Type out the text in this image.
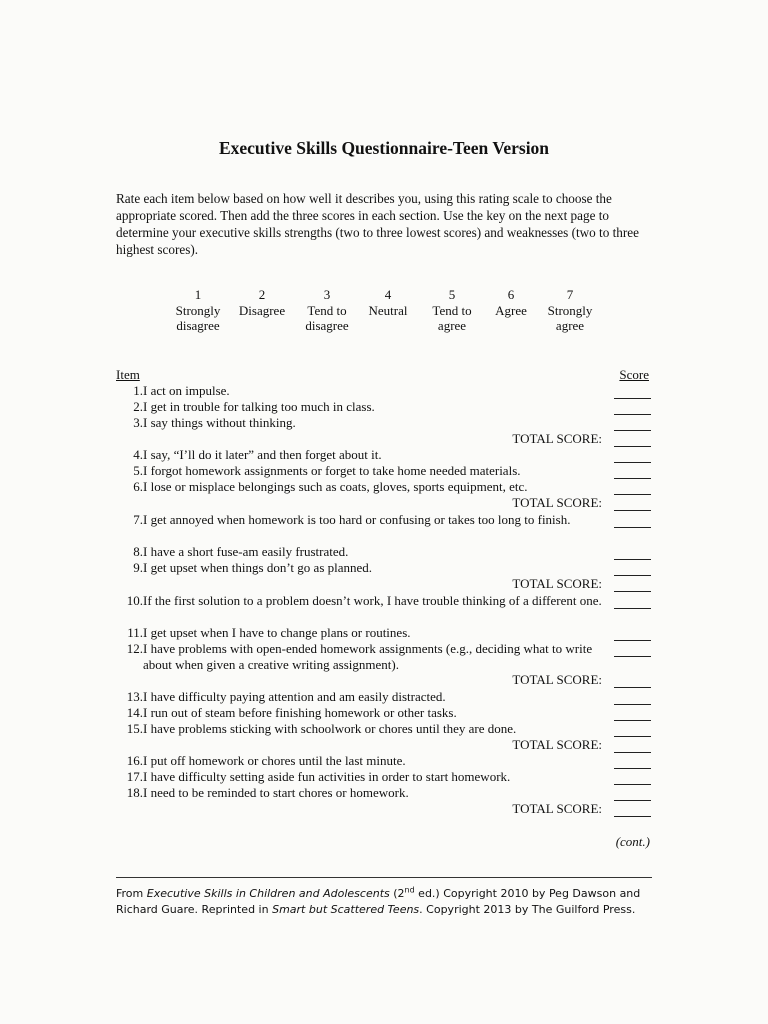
Executive Skills Questionnaire-Teen Version
Rate each item below based on how well it describes you, using this rating scale to choose the appropriate scored. Then add the three scores in each section. Use the key on the next page to determine your executive skills strengths (two to three lowest scores) and weaknesses (two to three highest scores).
1
Strongly
disagree
2
Disagree
3
Tend to
disagree
4
Neutral
5
Tend to
agree
6
Agree
7
Strongly
agree
Item	Score
1. I act on impulse.
2. I get in trouble for talking too much in class.
3. I say things without thinking.
TOTAL SCORE:
4. I say, “I’ll do it later” and then forget about it.
5. I forgot homework assignments or forget to take home needed materials.
6. I lose or misplace belongings such as coats, gloves, sports equipment, etc.
TOTAL SCORE:
7. I get annoyed when homework is too hard or confusing or takes too long to finish.
8. I have a short fuse-am easily frustrated.
9. I get upset when things don’t go as planned.
TOTAL SCORE:
10. If the first solution to a problem doesn’t work, I have trouble thinking of a different one.
11. I get upset when I have to change plans or routines.
12. I have problems with open-ended homework assignments (e.g., deciding what to write about when given a creative writing assignment).
TOTAL SCORE:
13. I have difficulty paying attention and am easily distracted.
14. I run out of steam before finishing homework or other tasks.
15. I have problems sticking with schoolwork or chores until they are done.
TOTAL SCORE:
16. I put off homework or chores until the last minute.
17. I have difficulty setting aside fun activities in order to start homework.
18. I need to be reminded to start chores or homework.
TOTAL SCORE:
(cont.)
From Executive Skills in Children and Adolescents (2nd ed.) Copyright 2010 by Peg Dawson and Richard Guare. Reprinted in Smart but Scattered Teens. Copyright 2013 by The Guilford Press.
